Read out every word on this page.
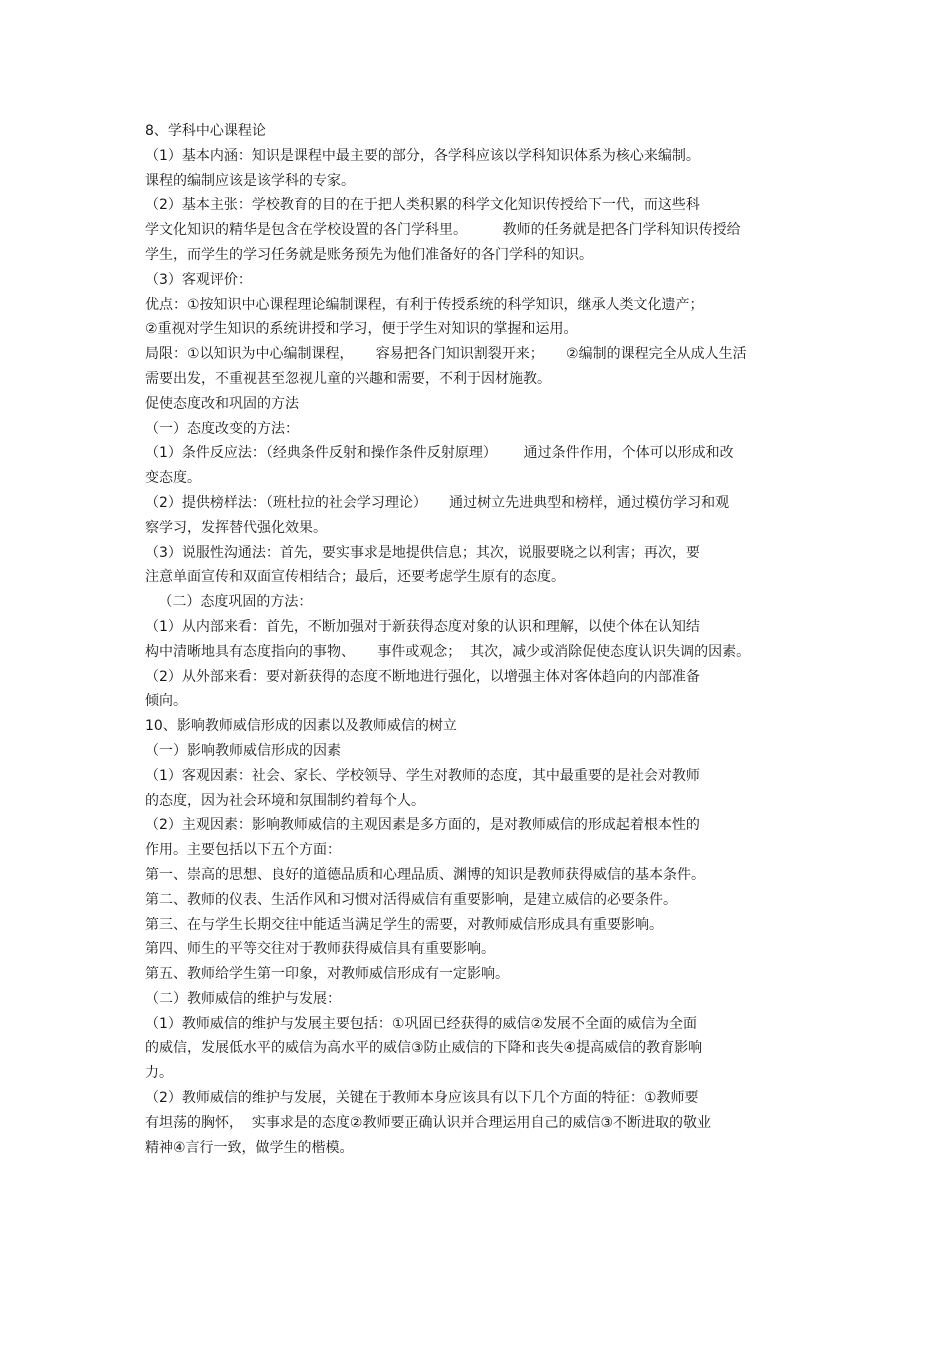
8、学科中心课程论
（1）基本内涵：知识是课程中最主要的部分，各学科应该以学科知识体系为核心来编制。
课程的编制应该是该学科的专家。
（2）基本主张：学校教育的目的在于把人类积累的科学文化知识传授给下一代，而这些科
学文化知识的精华是包含在学校设置的各门学科里。        教师的任务就是把各门学科知识传授给
学生，而学生的学习任务就是账务预先为他们准备好的各门学科的知识。
（3）客观评价：
优点：①按知识中心课程理论编制课程，有利于传授系统的科学知识，继承人类文化遗产；
②重视对学生知识的系统讲授和学习，便于学生对知识的掌握和运用。
局限：①以知识为中心编制课程，     容易把各门知识割裂开来；     ②编制的课程完全从成人生活
需要出发，不重视甚至忽视儿童的兴趣和需要，不利于因材施教。
促使态度改和巩固的方法
（一）态度改变的方法：
（1）条件反应法：（经典条件反射和操作条件反射原理）      通过条件作用，个体可以形成和改
变态度。
（2）提供榜样法：（班杜拉的社会学习理论）     通过树立先进典型和榜样，通过模仿学习和观
察学习，发挥替代强化效果。
（3）说服性沟通法：首先，要实事求是地提供信息；其次，说服要晓之以利害；再次，要
注意单面宣传和双面宣传相结合；最后，还要考虑学生原有的态度。
（二）态度巩固的方法：
（1）从内部来看：首先，不断加强对于新获得态度对象的认识和理解，以使个体在认知结
构中清晰地具有态度指向的事物、     事件或观念；  其次，减少或消除促使态度认识失调的因素。
（2）从外部来看：要对新获得的态度不断地进行强化，以增强主体对客体趋向的内部准备
倾向。
10、影响教师威信形成的因素以及教师威信的树立
（一）影响教师威信形成的因素
（1）客观因素：社会、家长、学校领导、学生对教师的态度，其中最重要的是社会对教师
的态度，因为社会环境和氛围制约着每个人。
（2）主观因素：影响教师威信的主观因素是多方面的，是对教师威信的形成起着根本性的
作用。主要包括以下五个方面：
第一、崇高的思想、良好的道德品质和心理品质、渊博的知识是教师获得威信的基本条件。
第二、教师的仪表、生活作风和习惯对活得威信有重要影响，是建立威信的必要条件。
第三、在与学生长期交往中能适当满足学生的需要，对教师威信形成具有重要影响。
第四、师生的平等交往对于教师获得威信具有重要影响。
第五、教师给学生第一印象，对教师威信形成有一定影响。
（二）教师威信的维护与发展：
（1）教师威信的维护与发展主要包括：①巩固已经获得的威信②发展不全面的威信为全面
的威信，发展低水平的威信为高水平的威信③防止威信的下降和丧失④提高威信的教育影响
力。
（2）教师威信的维护与发展，关键在于教师本身应该具有以下几个方面的特征：①教师要
有坦荡的胸怀，  实事求是的态度②教师要正确认识并合理运用自己的威信③不断进取的敬业
精神④言行一致，做学生的楷模。
